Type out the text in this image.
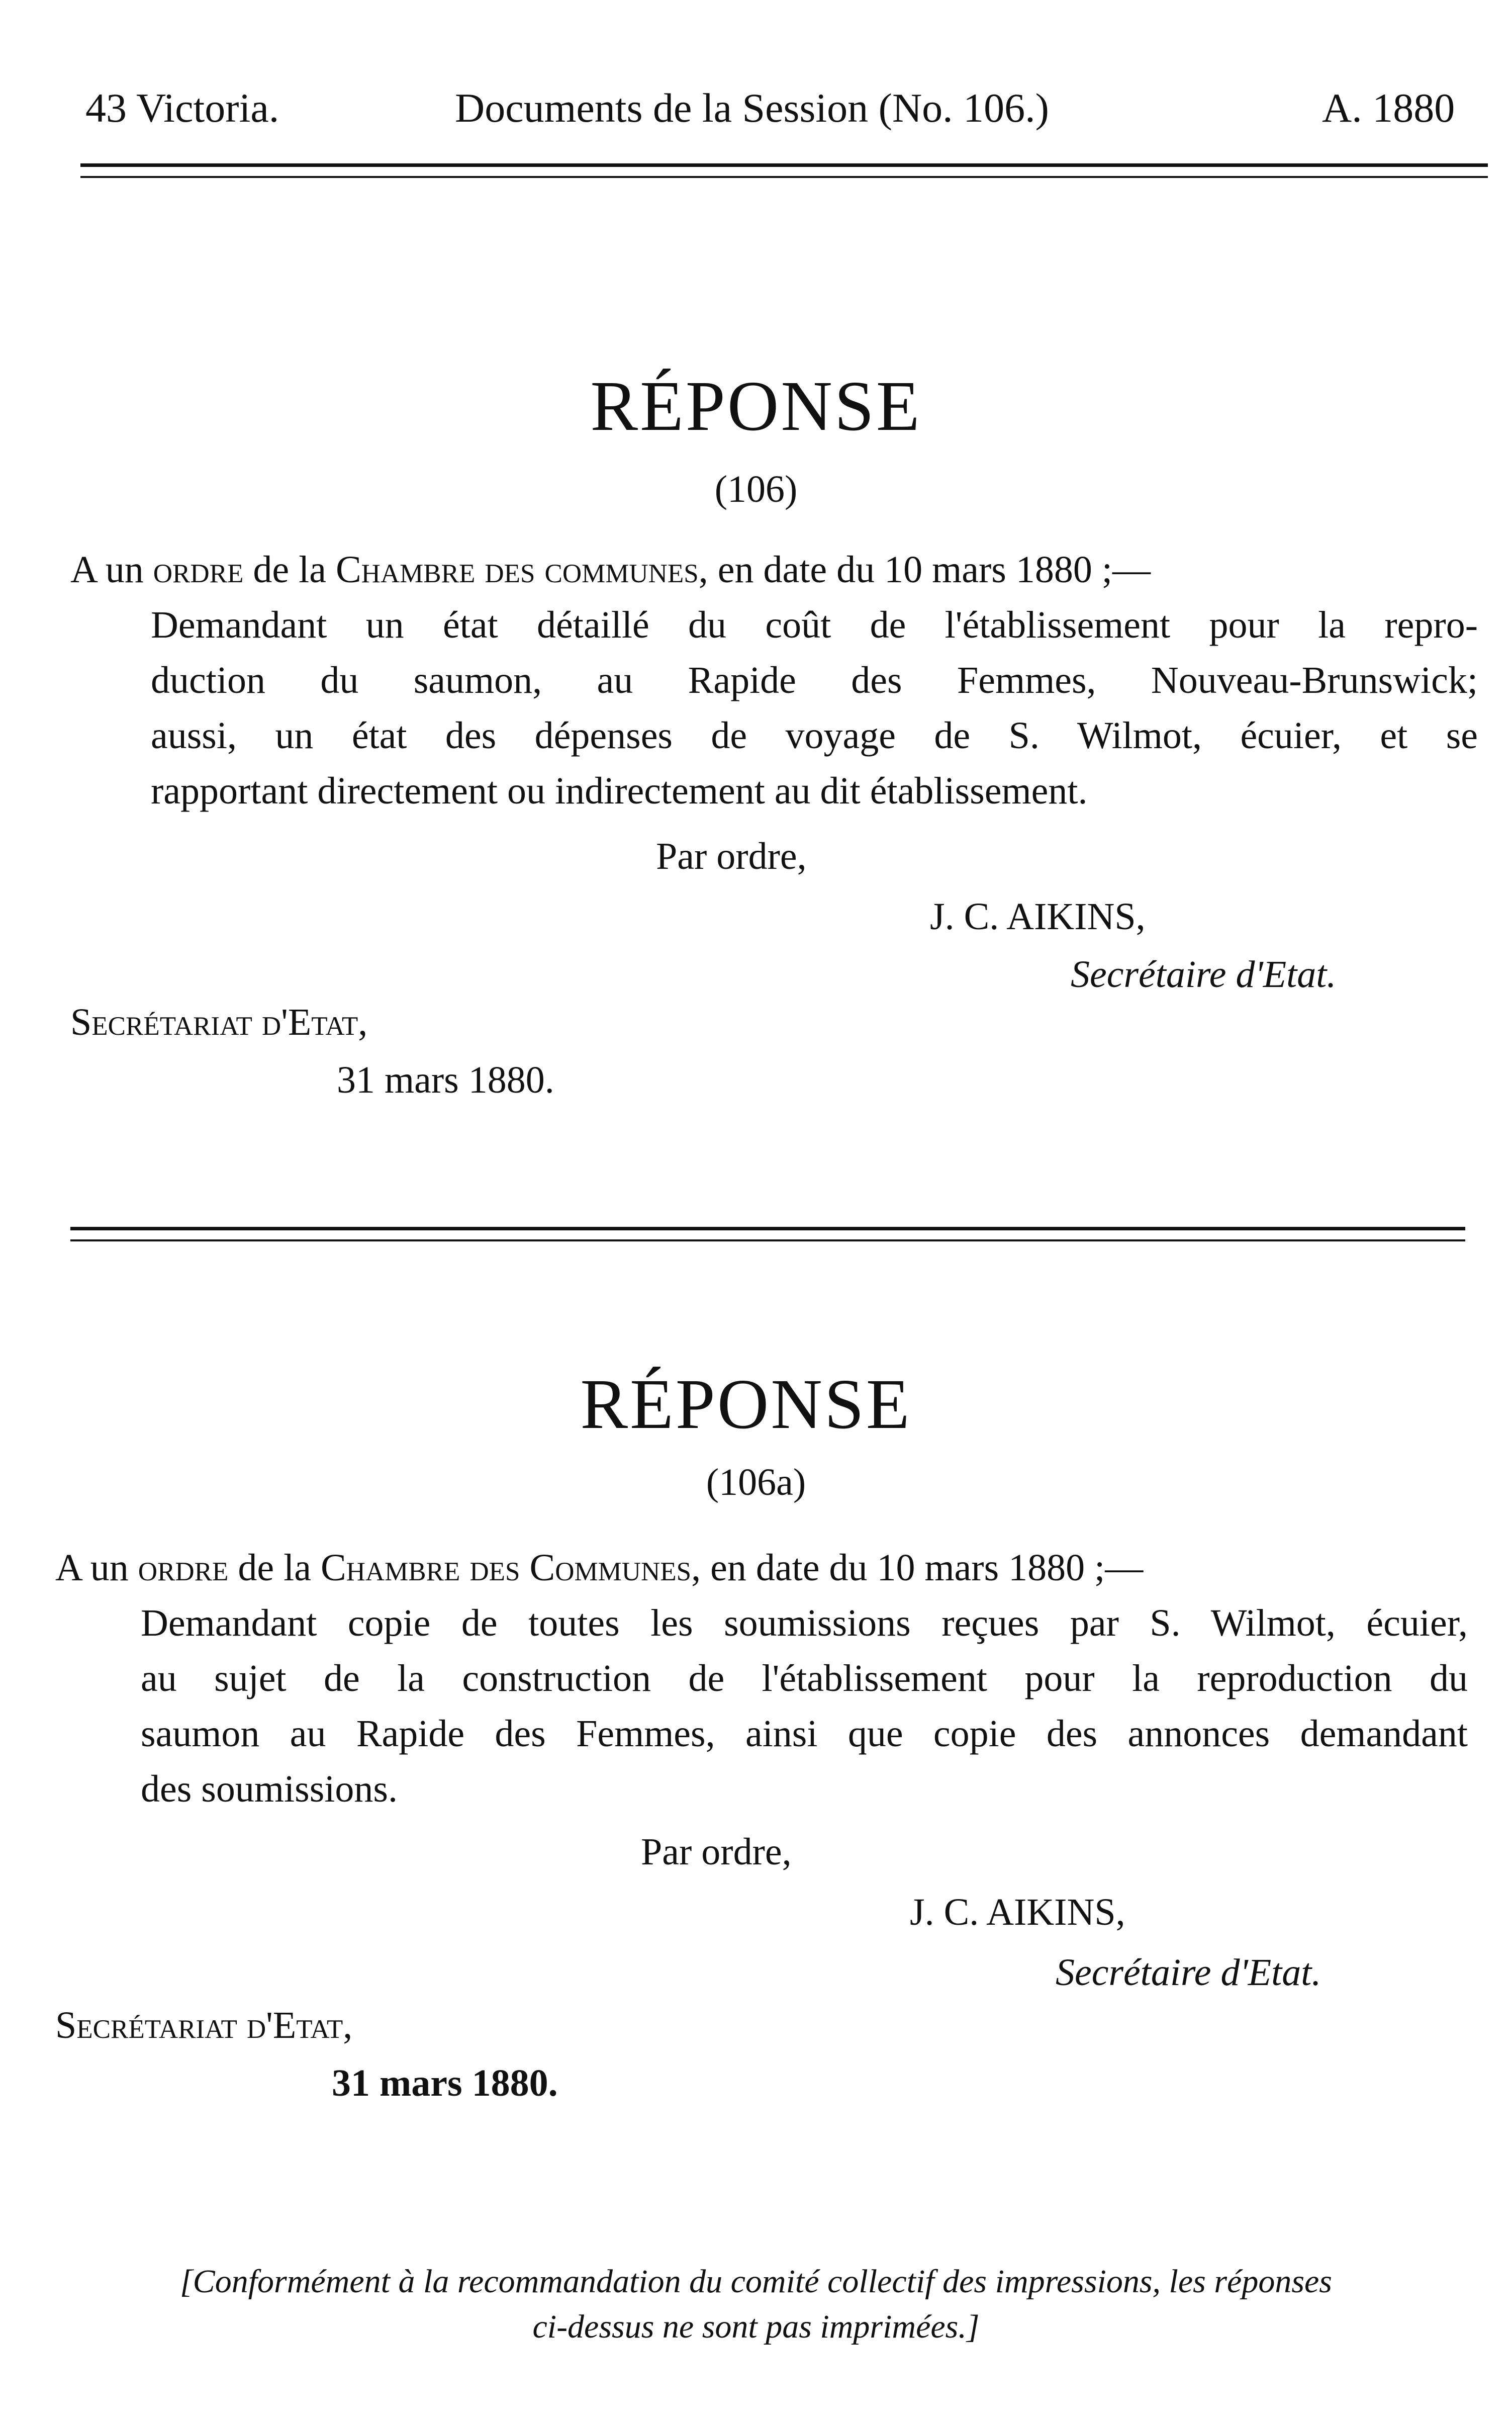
43 Victoria.	Documents de la Session (No. 106.)	A. 1880
RÉPONSE
(106)
A un ordre de la Chambre des communes, en date du 10 mars 1880 ;—
Demandant un état détaillé du coût de l'établissement pour la repro-
duction du saumon, au Rapide des Femmes, Nouveau-Brunswick;
aussi, un état des dépenses de voyage de S. Wilmot, écuier, et se
rapportant directement ou indirectement au dit établissement.
Par ordre,
J. C. AIKINS,
Secrétaire d'Etat.
Secrétariat d'Etat,
31 mars 1880.
RÉPONSE
(106a)
A un ordre de la Chambre des Communes, en date du 10 mars 1880 ;—
Demandant copie de toutes les soumissions reçues par S. Wilmot, écuier,
au sujet de la construction de l'établissement pour la reproduction du
saumon au Rapide des Femmes, ainsi que copie des annonces demandant
des soumissions.
Par ordre,
J. C. AIKINS,
Secrétaire d'Etat.
Secrétariat d'Etat,
31 mars 1880.
[Conformément à la recommandation du comité collectif des impressions, les réponses
ci-dessus ne sont pas imprimées.]
